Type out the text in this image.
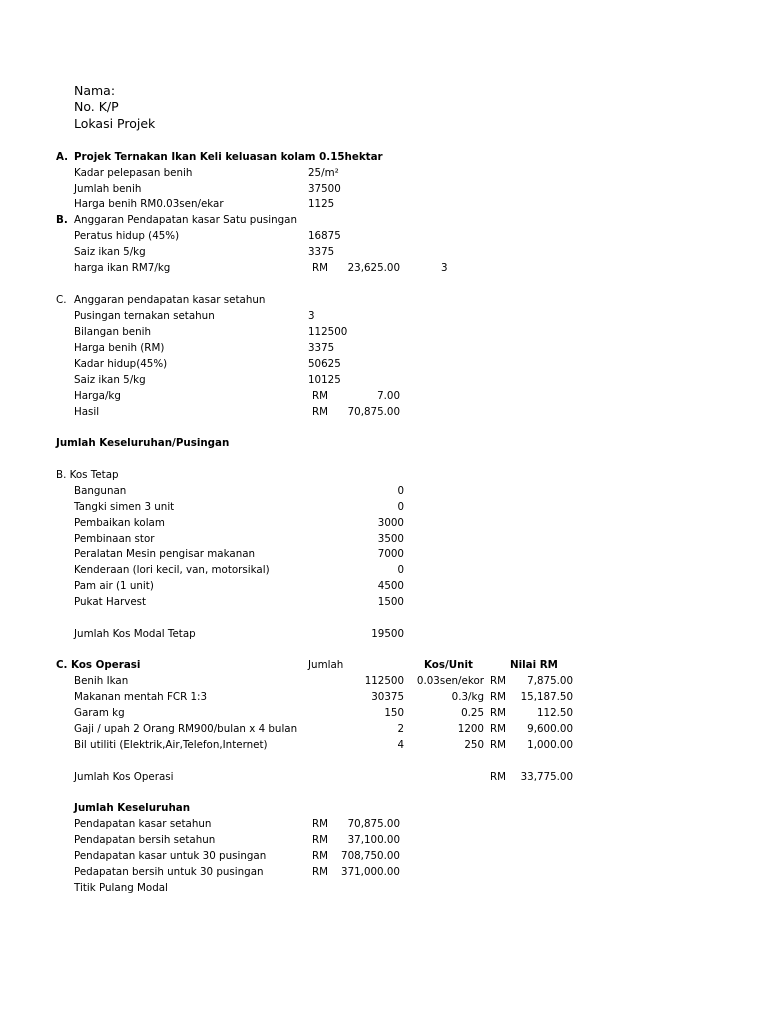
Nama:
No. K/P
Lokasi Projek
A. Projek Ternakan Ikan Keli keluasan kolam 0.15hektar
Kadar pelepasan benih	25/m²
Jumlah benih	37500
Harga benih RM0.03sen/ekar	1125
B. Anggaran Pendapatan kasar Satu pusingan
Peratus hidup (45%)	16875
Saiz ikan 5/kg	3375
harga ikan RM7/kg	RM	23,625.00	3
C. Anggaran pendapatan kasar setahun
Pusingan ternakan setahun	3
Bilangan benih	112500
Harga benih (RM)	3375
Kadar hidup(45%)	50625
Saiz ikan 5/kg	10125
Harga/kg	RM	7.00
Hasil	RM	70,875.00
Jumlah Keseluruhan/Pusingan
B. Kos Tetap
Bangunan	0
Tangki simen 3 unit	0
Pembaikan kolam	3000
Pembinaan stor	3500
Peralatan Mesin pengisar makanan	7000
Kenderaan (lori kecil, van, motorsikal)	0
Pam air (1 unit)	4500
Pukat Harvest	1500
Jumlah Kos Modal Tetap	19500
C. Kos Operasi	Jumlah	Kos/Unit	Nilai RM
Benih Ikan	112500	0.03sen/ekor RM	7,875.00
Makanan mentah FCR 1:3	30375	0.3/kg RM	15,187.50
Garam kg	150	0.25 RM	112.50
Gaji / upah 2 Orang RM900/bulan x 4 bulan	2	1200 RM	9,600.00
Bil utiliti (Elektrik,Air,Telefon,Internet)	4	250 RM	1,000.00
Jumlah Kos Operasi	RM	33,775.00
Jumlah Keseluruhan
Pendapatan kasar setahun	RM	70,875.00
Pendapatan bersih setahun	RM	37,100.00
Pendapatan kasar untuk 30 pusingan	RM	708,750.00
Pedapatan bersih untuk 30 pusingan	RM	371,000.00
Titik Pulang Modal
